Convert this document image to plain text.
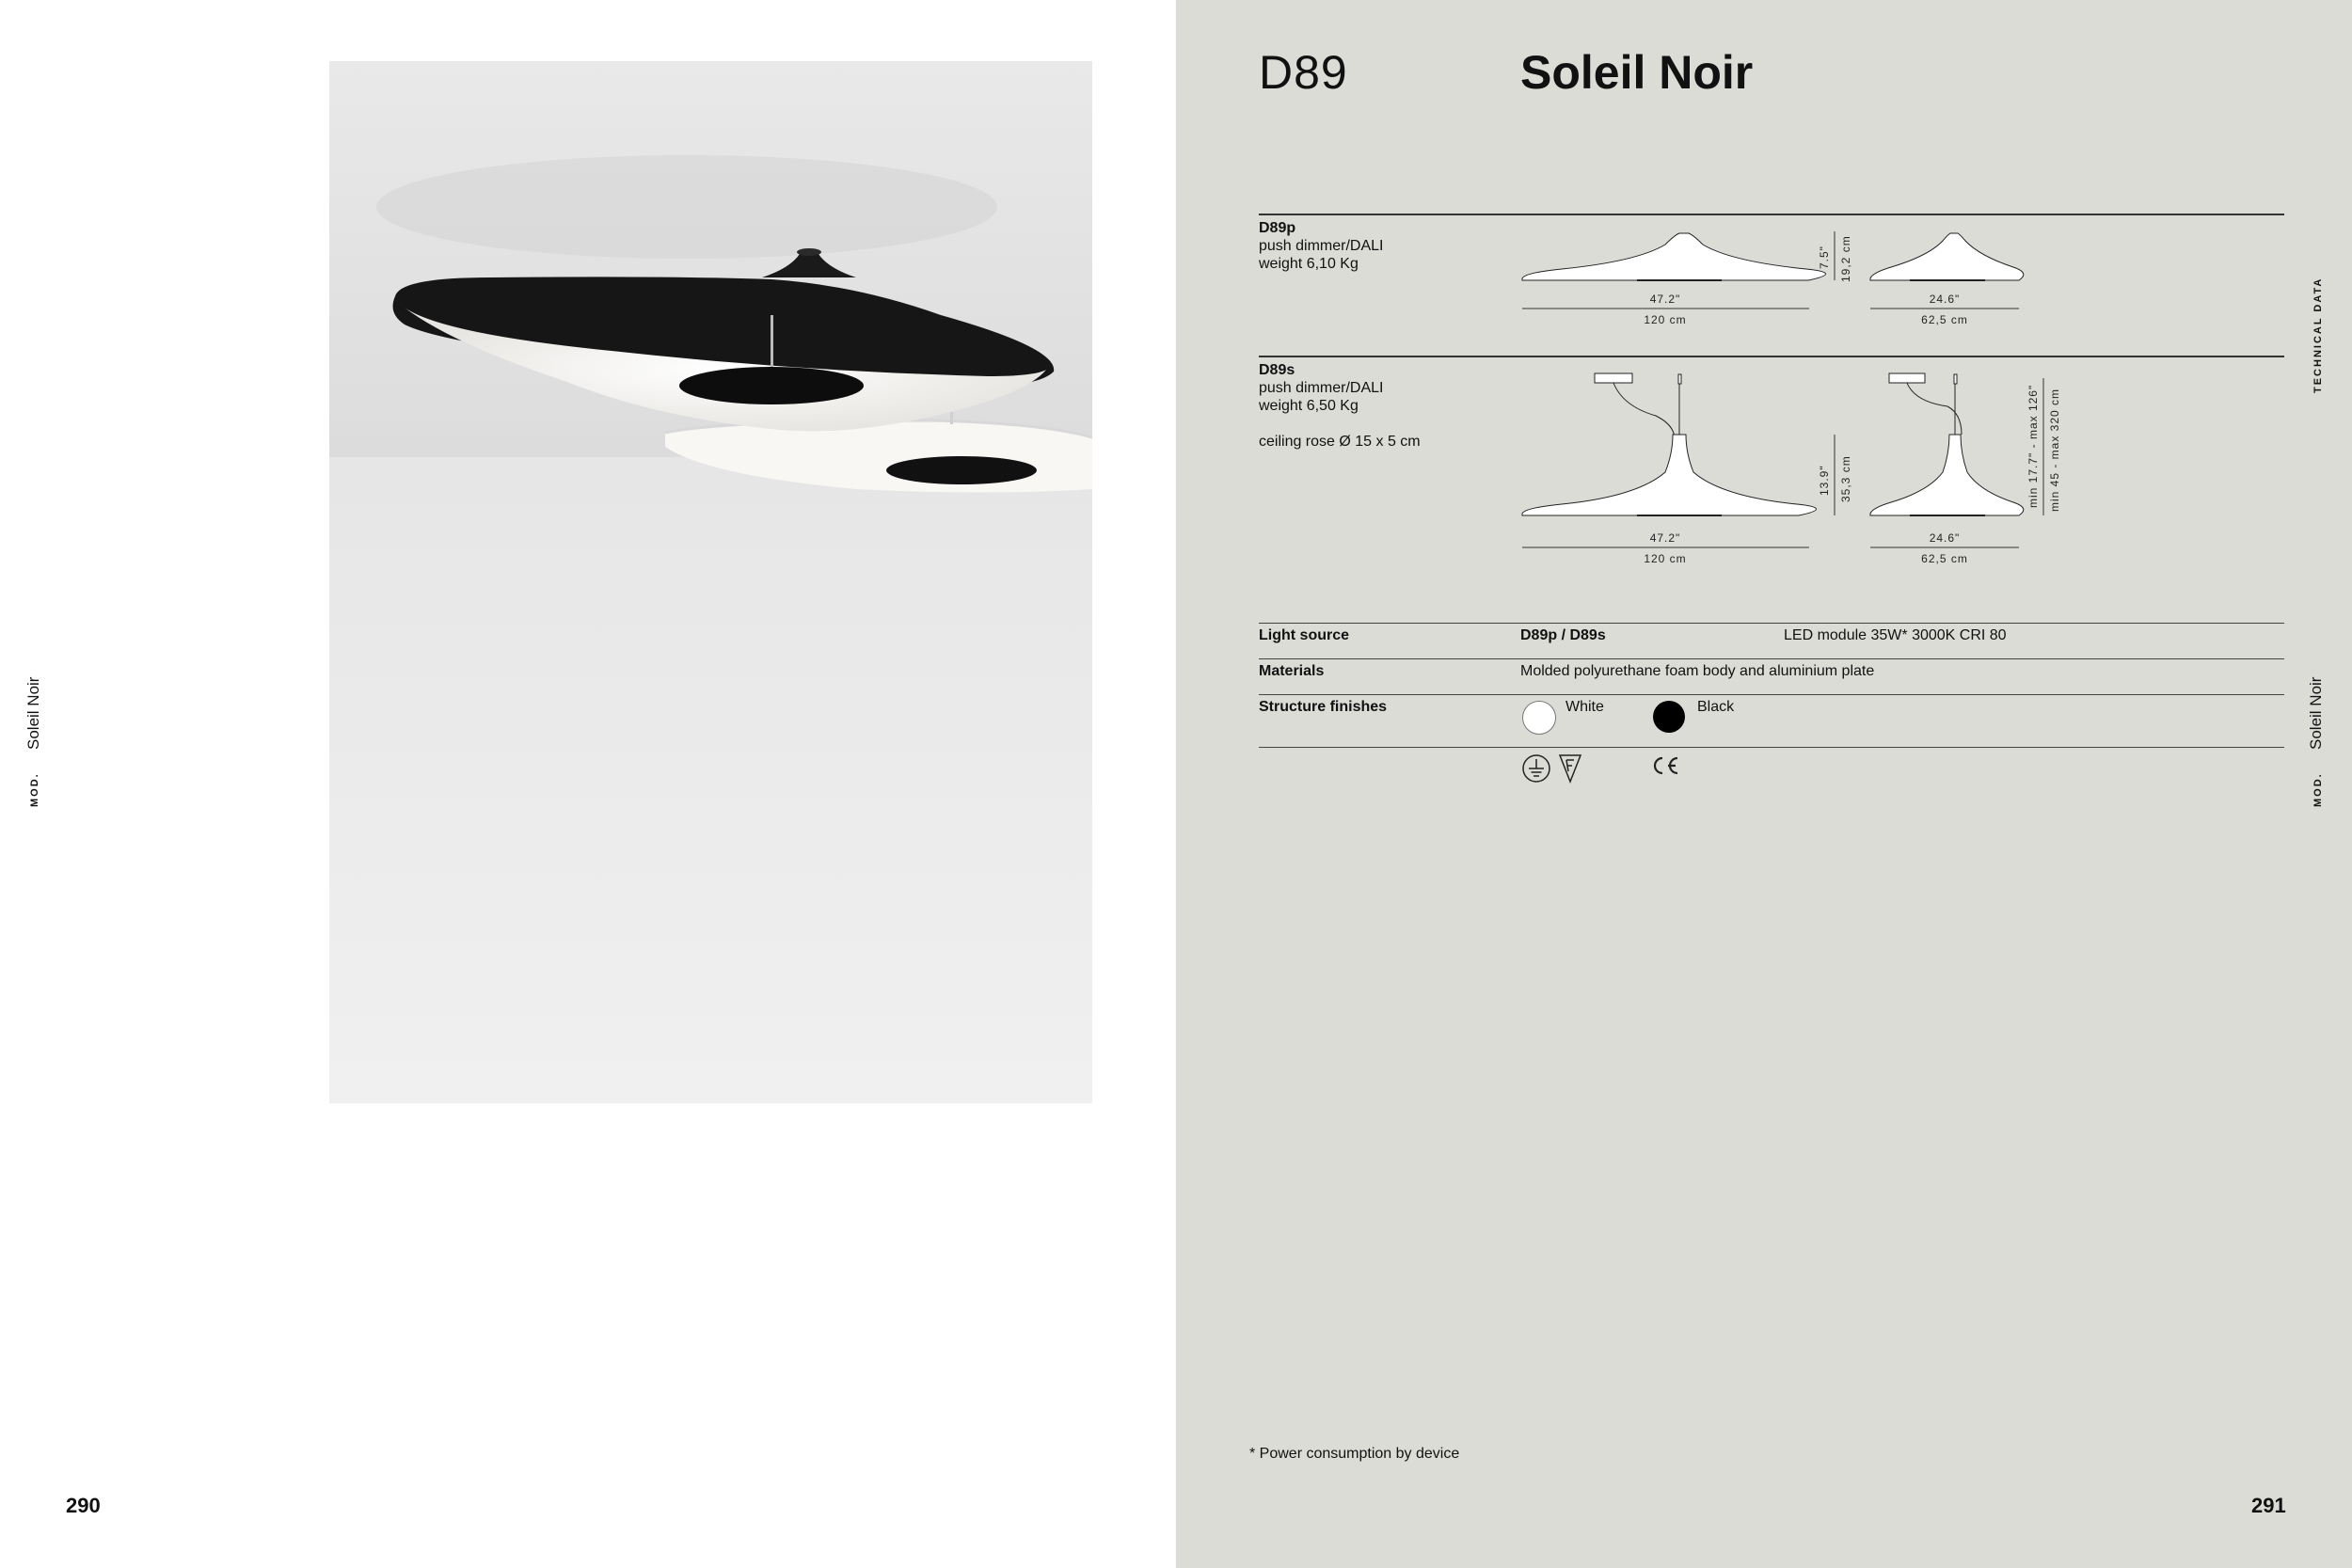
MOD.
Soleil Noir
290
D89	Soleil Noir
TECHNICAL DATA
MOD.
Soleil Noir
D89p
push dimmer/DALI
weight 6,10 Kg
47.2"
120 cm
7.5" 19,2 cm
24.6"
62,5 cm
D89s
push dimmer/DALI
weight 6,50 Kg
ceiling rose Ø 15 x 5 cm
47.2"
120 cm
13.9" 35,3 cm
24.6"
62,5 cm
min 17.7" - max 126" min 45 - max 320 cm
Light source	D89p / D89s	LED module 35W* 3000K CRI 80
Materials	Molded polyurethane foam body and aluminium plate
Structure finishes	White	Black
* Power consumption by device
291
